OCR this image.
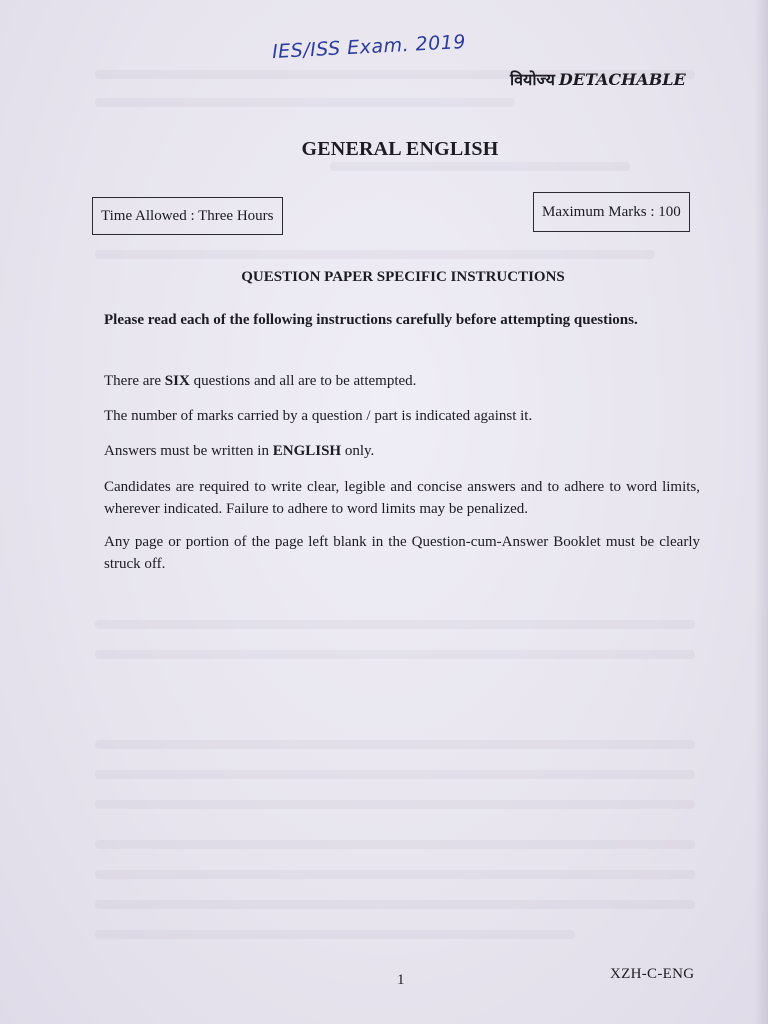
IES/ISS Exam. 2019
वियोज्य DETACHABLE
GENERAL ENGLISH
Time Allowed : Three Hours	Maximum Marks : 100
QUESTION PAPER SPECIFIC INSTRUCTIONS
Please read each of the following instructions carefully before attempting questions.
There are SIX questions and all are to be attempted.
The number of marks carried by a question / part is indicated against it.
Answers must be written in ENGLISH only.
Candidates are required to write clear, legible and concise answers and to adhere to word limits, wherever indicated. Failure to adhere to word limits may be penalized.
Any page or portion of the page left blank in the Question-cum-Answer Booklet must be clearly struck off.
1	XZH-C-ENG
